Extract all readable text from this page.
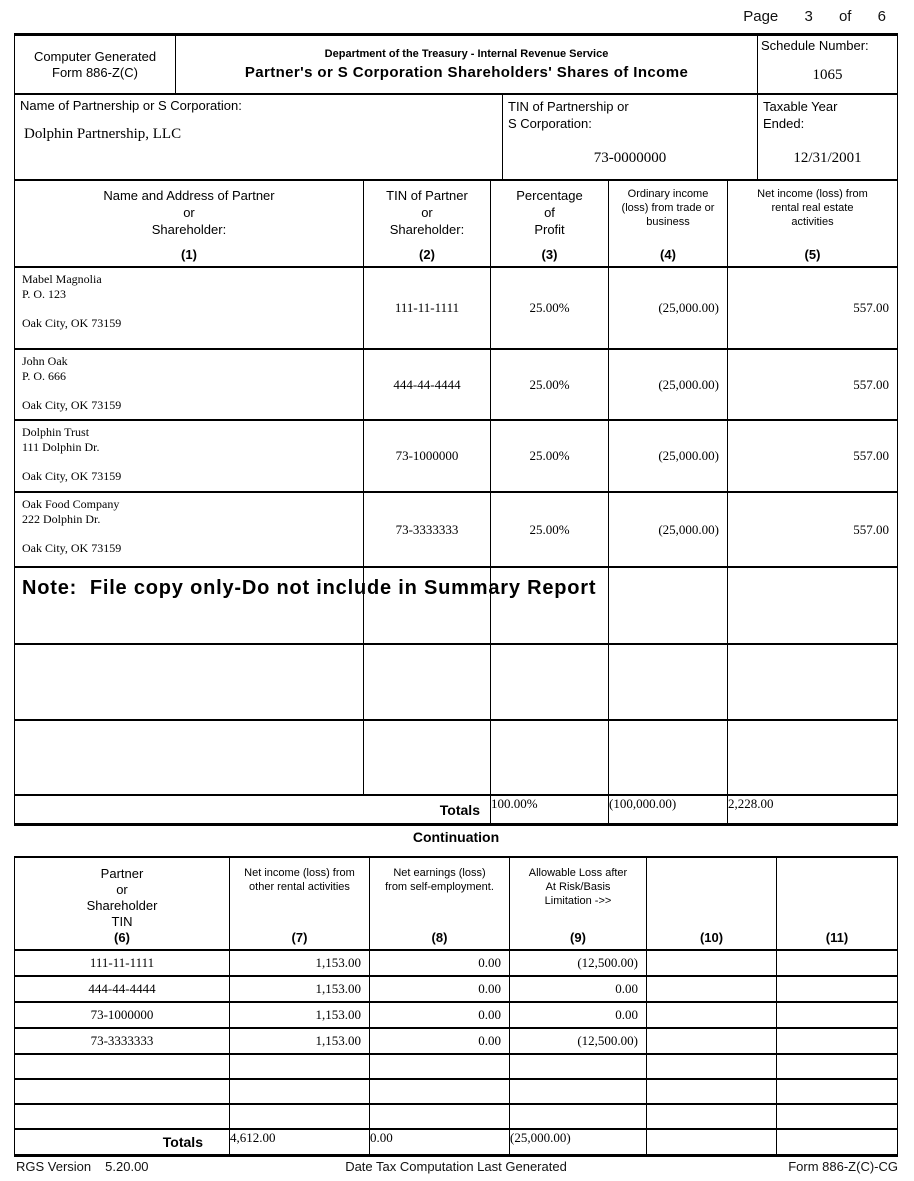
Page 3 of 6
Computer Generated
Form 886-Z(C)
Department of the Treasury - Internal Revenue Service
Partner's or S Corporation Shareholders' Shares of Income
Schedule Number:
1065
Name of Partnership or S Corporation:
Dolphin Partnership, LLC
TIN of Partnership or
S Corporation:
73-0000000
Taxable Year
Ended:
12/31/2001
Name and Address of Partner
or
Shareholder:
(1)
TIN of Partner
or
Shareholder:
(2)
Percentage
of
Profit
(3)
Ordinary income
(loss) from trade or
business
(4)
Net income (loss) from
rental real estate
activities
(5)
Mabel Magnolia
P. O. 123
Oak City, OK 73159
111-11-1111	25.00%	(25,000.00)	557.00
John Oak
P. O. 666
Oak City, OK 73159
444-44-4444	25.00%	(25,000.00)	557.00
Dolphin Trust
111 Dolphin Dr.
Oak City, OK 73159
73-1000000	25.00%	(25,000.00)	557.00
Oak Food Company
222 Dolphin Dr.
Oak City, OK 73159
73-3333333	25.00%	(25,000.00)	557.00
Note:  File copy only-Do not include in Summary Report
Totals 100.00%	(100,000.00)	2,228.00
Continuation
Partner
or
Shareholder
TIN
(6)
Net income (loss) from
other rental activities
(7)
Net earnings (loss)
from self-employment.
(8)
Allowable Loss after
At Risk/Basis
Limitation ->>
(9)	(10)	(11)
111-11-1111	1,153.00	0.00	(12,500.00)
444-44-4444	1,153.00	0.00	0.00
73-1000000	1,153.00	0.00	0.00
73-3333333	1,153.00	0.00	(12,500.00)
Totals	4,612.00	0.00	(25,000.00)
RGS Version 5.20.00	Date Tax Computation Last Generated	Form 886-Z(C)-CG
